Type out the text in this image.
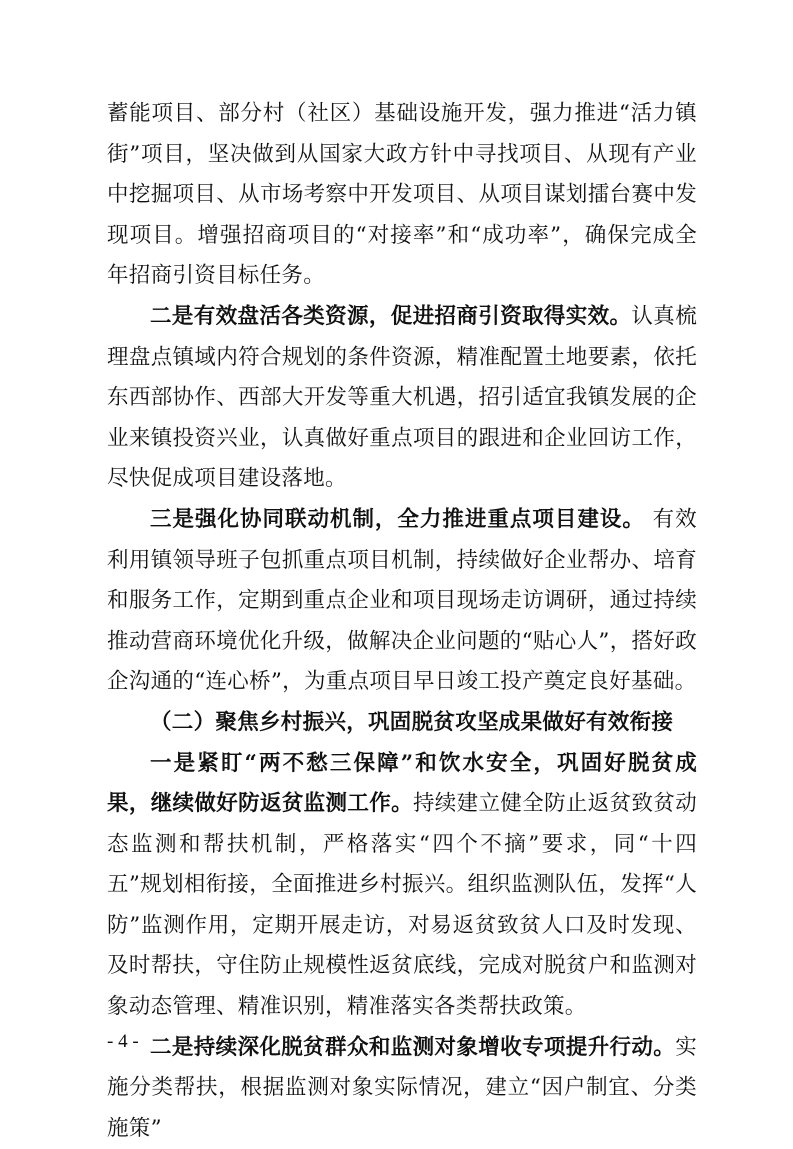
蓄能项目、部分村（社区）基础设施开发，强力推进“活力镇街”项目，坚决做到从国家大政方针中寻找项目、从现有产业中挖掘项目、从市场考察中开发项目、从项目谋划擂台赛中发现项目。增强招商项目的“对接率”和“成功率”，确保完成全年招商引资目标任务。

二是有效盘活各类资源，促进招商引资取得实效。认真梳理盘点镇域内符合规划的条件资源，精准配置土地要素，依托东西部协作、西部大开发等重大机遇，招引适宜我镇发展的企业来镇投资兴业，认真做好重点项目的跟进和企业回访工作，尽快促成项目建设落地。

三是强化协同联动机制，全力推进重点项目建设。 有效利用镇领导班子包抓重点项目机制，持续做好企业帮办、培育和服务工作，定期到重点企业和项目现场走访调研，通过持续推动营商环境优化升级，做解决企业问题的“贴心人”，搭好政企沟通的“连心桥”，为重点项目早日竣工投产奠定良好基础。

（二）聚焦乡村振兴，巩固脱贫攻坚成果做好有效衔接

一是紧盯“两不愁三保障”和饮水安全，巩固好脱贫成果，继续做好防返贫监测工作。持续建立健全防止返贫致贫动态监测和帮扶机制，严格落实“四个不摘”要求，同“十四五”规划相衔接，全面推进乡村振兴。组织监测队伍，发挥“人防”监测作用，定期开展走访，对易返贫致贫人口及时发现、及时帮扶，守住防止规模性返贫底线，完成对脱贫户和监测对象动态管理、精准识别，精准落实各类帮扶政策。

二是持续深化脱贫群众和监测对象增收专项提升行动。实施分类帮扶，根据监测对象实际情况，建立“因户制宜、分类施策”

- 4 -
